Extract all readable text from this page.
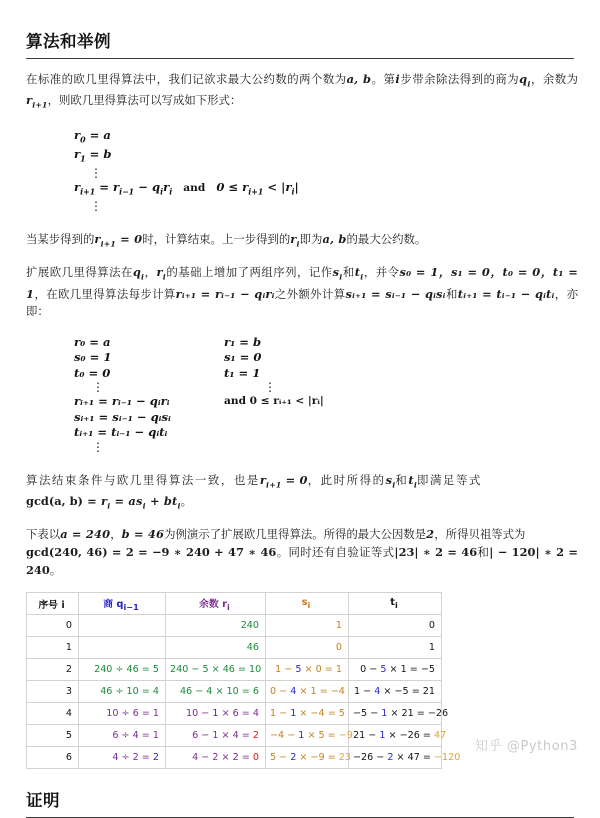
算法和举例

在标准的欧几里得算法中，我们记欲求最大公约数的两个数为a, b。第i步带余除法得到的商为$q_i$，余数为$r_{i+1}$，则欧几里得算法可以写成如下形式：

$r_0 = a$
$r_1 = b$
⋮
$r_{i+1} = r_{i-1} - q_ir_i$ and $0 \le r_{i+1} < |r_i|$
⋮

当某步得到的$r_{i+1} = 0$时，计算结束。上一步得到的$r_i$即为a, b的最大公约数。

扩展欧几里得算法在$q_i$，$r_i$的基础上增加了两组序列，记作$s_i$和$t_i$，并令s₀ = 1，s₁ = 0，t₀ = 0，t₁ = 1，在欧几里得算法每步计算rᵢ₊₁ = rᵢ₋₁ − qᵢrᵢ之外额外计算sᵢ₊₁ = sᵢ₋₁ − qᵢsᵢ和tᵢ₊₁ = tᵢ₋₁ − qᵢtᵢ，亦即：

r₀ = a	r₁ = b
s₀ = 1	s₁ = 0
t₀ = 0	t₁ = 1
⋮	⋮
rᵢ₊₁ = rᵢ₋₁ − qᵢrᵢ	and 0 ≤ rᵢ₊₁ < |rᵢ|
sᵢ₊₁ = sᵢ₋₁ − qᵢsᵢ
tᵢ₊₁ = tᵢ₋₁ − qᵢtᵢ
⋮

算法结束条件与欧几里得算法一致，也是$r_{i+1} = 0$，此时所得的$s_i$和$t_i$即满足等式

gcd(a, $b) = r_i = as_i + bt_i$。

下表以a = 240，b = 46为例演示了扩展欧几里得算法。所得的最大公因数是2，所得贝祖等式为

gcd(240, 46) = 2 = −9 ∗ 240 + 47 ∗ 46。同时还有自验证等式|23| ∗ 2 = 46和| − 120| ∗ 2 = 240。

序号 i	商 $q_{i-1}$	余数 $r_i$	$s_i$	$t_i$
0		240	1	0
1		46	0	1
2	240 ÷ 46 = 5	240 − 5 × 46 = 10	1 − 5 × 0 = 1	0 − 5 × 1 = −5
3	46 ÷ 10 = 4	46 − 4 × 10 = 6	0 − 4 × 1 = −4	1 − 4 × −5 = 21
4	10 ÷ 6 = 1	10 − 1 × 6 = 4	1 − 1 × −4 = 5	−5 − 1 × 21 = −26
5	6 ÷ 4 = 1	6 − 1 × 4 = 2	−4 − 1 × 5 = −9	21 − 1 × −26 = 47
6	4 ÷ 2 = 2	4 − 2 × 2 = 0	5 − 2 × −9 = 23	−26 − 2 × 47 = −120
证明
知乎 @Python3
